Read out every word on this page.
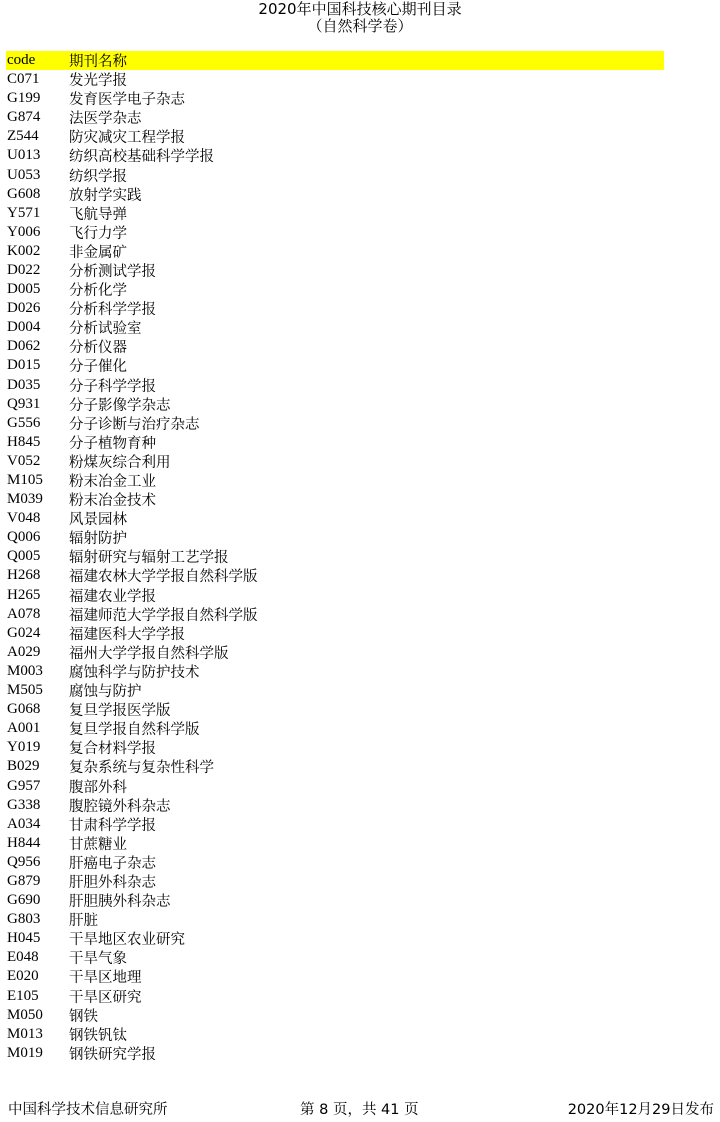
2020年中国科技核心期刊目录
（自然科学卷）
code	期刊名称
C071	发光学报
G199	发育医学电子杂志
G874	法医学杂志
Z544	防灾减灾工程学报
U013	纺织高校基础科学学报
U053	纺织学报
G608	放射学实践
Y571	飞航导弹
Y006	飞行力学
K002	非金属矿
D022	分析测试学报
D005	分析化学
D026	分析科学学报
D004	分析试验室
D062	分析仪器
D015	分子催化
D035	分子科学学报
Q931	分子影像学杂志
G556	分子诊断与治疗杂志
H845	分子植物育种
V052	粉煤灰综合利用
M105	粉末冶金工业
M039	粉末冶金技术
V048	风景园林
Q006	辐射防护
Q005	辐射研究与辐射工艺学报
H268	福建农林大学学报自然科学版
H265	福建农业学报
A078	福建师范大学学报自然科学版
G024	福建医科大学学报
A029	福州大学学报自然科学版
M003	腐蚀科学与防护技术
M505	腐蚀与防护
G068	复旦学报医学版
A001	复旦学报自然科学版
Y019	复合材料学报
B029	复杂系统与复杂性科学
G957	腹部外科
G338	腹腔镜外科杂志
A034	甘肃科学学报
H844	甘蔗糖业
Q956	肝癌电子杂志
G879	肝胆外科杂志
G690	肝胆胰外科杂志
G803	肝脏
H045	干旱地区农业研究
E048	干旱气象
E020	干旱区地理
E105	干旱区研究
M050	钢铁
M013	钢铁钒钛
M019	钢铁研究学报
中国科学技术信息研究所	第 8 页，共 41 页	2020年12月29日发布
